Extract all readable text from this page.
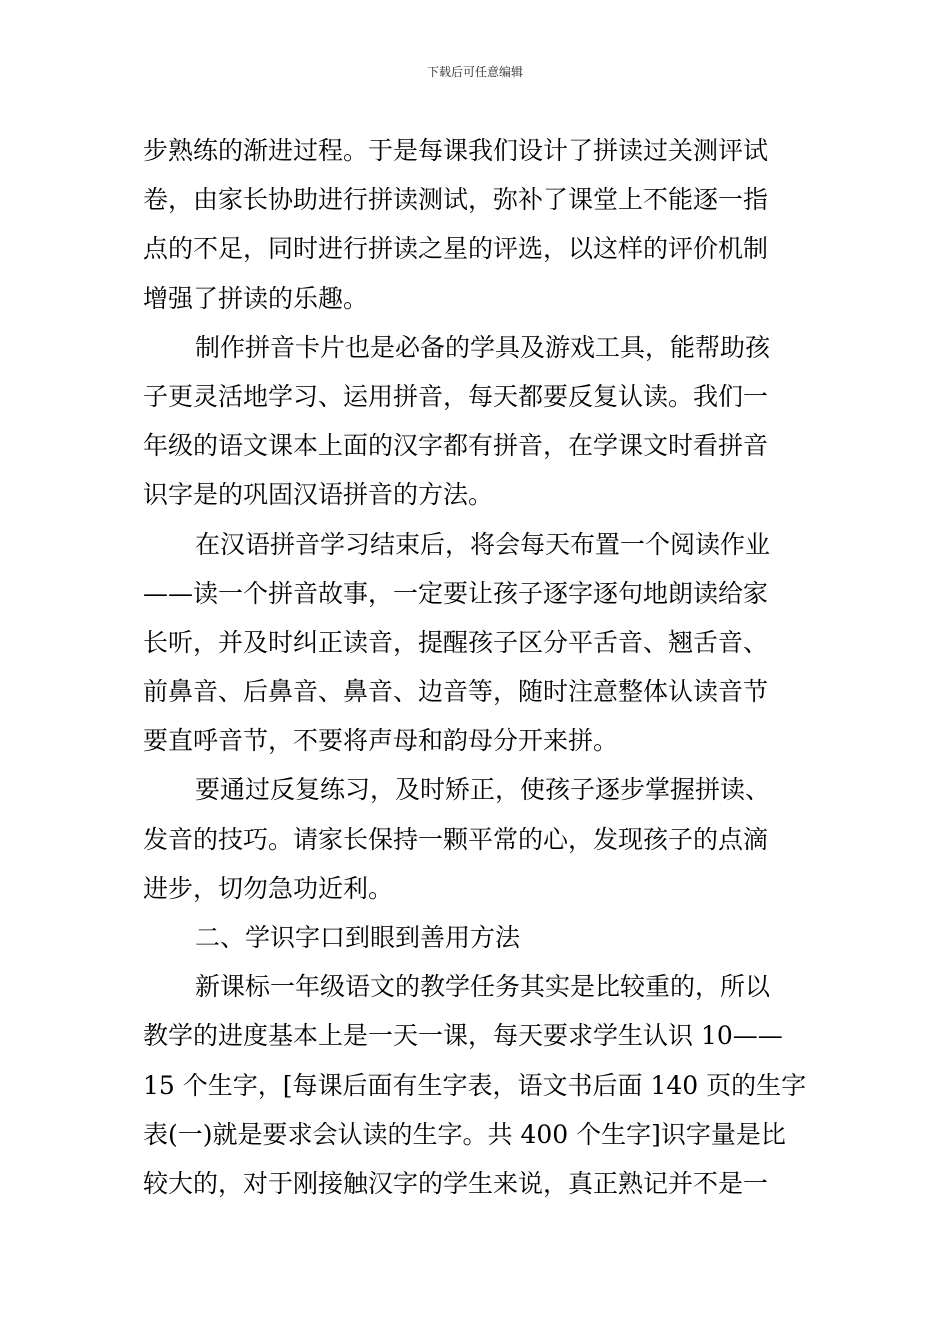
下载后可任意编辑
步熟练的渐进过程。于是每课我们设计了拼读过关测评试
卷，由家长协助进行拼读测试，弥补了课堂上不能逐一指
点的不足，同时进行拼读之星的评选，以这样的评价机制
增强了拼读的乐趣。
制作拼音卡片也是必备的学具及游戏工具，能帮助孩
子更灵活地学习、运用拼音，每天都要反复认读。我们一
年级的语文课本上面的汉字都有拼音，在学课文时看拼音
识字是的巩固汉语拼音的方法。
在汉语拼音学习结束后，将会每天布置一个阅读作业
——读一个拼音故事，一定要让孩子逐字逐句地朗读给家
长听，并及时纠正读音，提醒孩子区分平舌音、翘舌音、
前鼻音、后鼻音、鼻音、边音等，随时注意整体认读音节
要直呼音节，不要将声母和韵母分开来拼。
要通过反复练习，及时矫正，使孩子逐步掌握拼读、
发音的技巧。请家长保持一颗平常的心，发现孩子的点滴
进步，切勿急功近利。
二、学识字口到眼到善用方法
新课标一年级语文的教学任务其实是比较重的，所以
教学的进度基本上是一天一课，每天要求学生认识 10——
15 个生字，[每课后面有生字表，语文书后面 140 页的生字
表(一)就是要求会认读的生字。共 400 个生字]识字量是比
较大的，对于刚接触汉字的学生来说，真正熟记并不是一
